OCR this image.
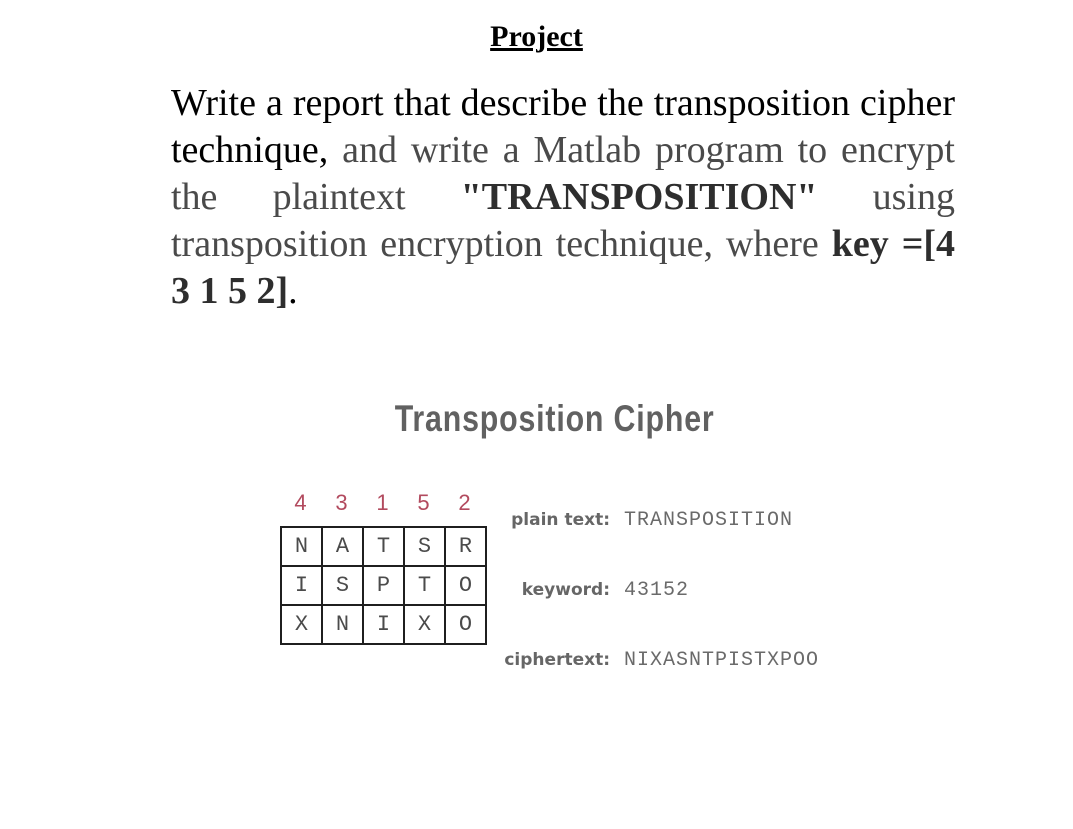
Project
Write a report that describe the transposition cipher technique, and write a Matlab program to encrypt the plaintext "TRANSPOSITION" using transposition encryption technique, where key =[4 3 1 5 2].
Transposition Cipher
4	3	1	5	2
N	A	T	S	R
I	S	P	T	O
X	N	I	X	O
plain text: TRANSPOSITION
keyword: 43152
ciphertext: NIXASNTPISTXPOO
